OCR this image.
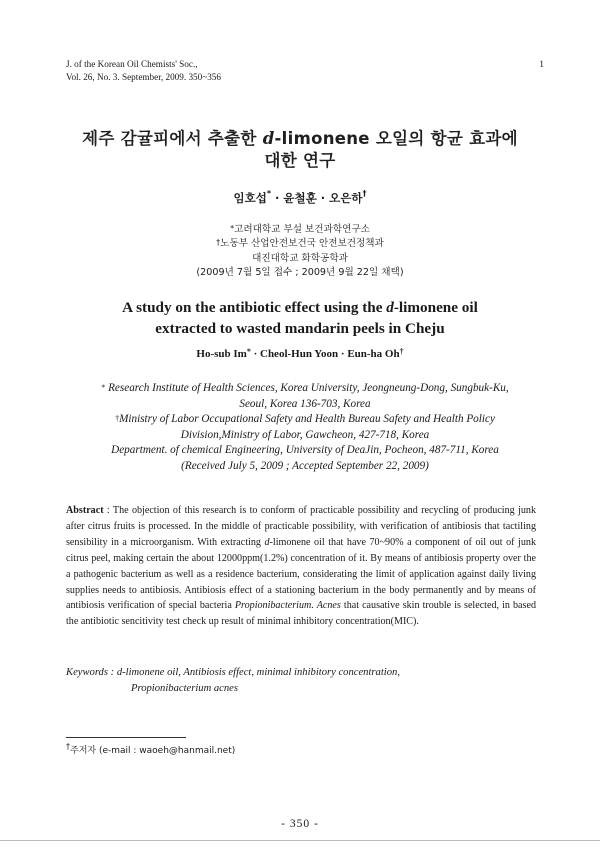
J. of the Korean Oil Chemists' Soc.,
Vol. 26, No. 3. September, 2009. 350~356
1
제주 감귤피에서 추출한 d-limonene 오일의 항균 효과에
대한 연구
임호섭* · 윤철훈 · 오은하†
*고려대학교 부설 보건과학연구소
†노동부 산업안전보건국 안전보건정책과
대진대학교 화학공학과
(2009년 7월 5일 접수 ; 2009년 9월 22일 채택)
A study on the antibiotic effect using the d-limonene oil
extracted to wasted mandarin peels in Cheju
Ho-sub Im* · Cheol-Hun Yoon · Eun-ha Oh†
* Research Institute of Health Sciences, Korea University, Jeongneung-Dong, Sungbuk-Ku,
Seoul, Korea 136-703, Korea
†Ministry of Labor Occupational Safety and Health Bureau Safety and Health Policy
Division,Ministry of Labor, Gawcheon, 427-718, Korea
Department. of chemical Engineering, University of DeaJin, Pocheon, 487-711, Korea
(Received July 5, 2009 ; Accepted September 22, 2009)
Abstract : The objection of this research is to conform of practicable possibility and recycling of producing junk after citrus fruits is processed. In the middle of practicable possibility, with verification of antibiosis that tactiling sensibility in a microorganism. With extracting d-limonene oil that have 70~90% a component of oil out of junk citrus peel, making certain the about 12000ppm(1.2%) concentration of it. By means of antibiosis property over the a pathogenic bacterium as well as a residence bacterium, considerating the limit of application against daily living supplies needs to antibiosis. Antibiosis effect of a stationing bacterium in the body permanently and by means of antibiosis verification of special bacteria Propionibacterium. Acnes that causative skin trouble is selected, in based the antibiotic sencitivity test check up result of minimal inhibitory concentration(MIC).
Keywords : d-limonene oil, Antibiosis effect, minimal inhibitory concentration,
Propionibacterium acnes
†주저자 (e-mail : waoeh@hanmail.net)
- 350 -
